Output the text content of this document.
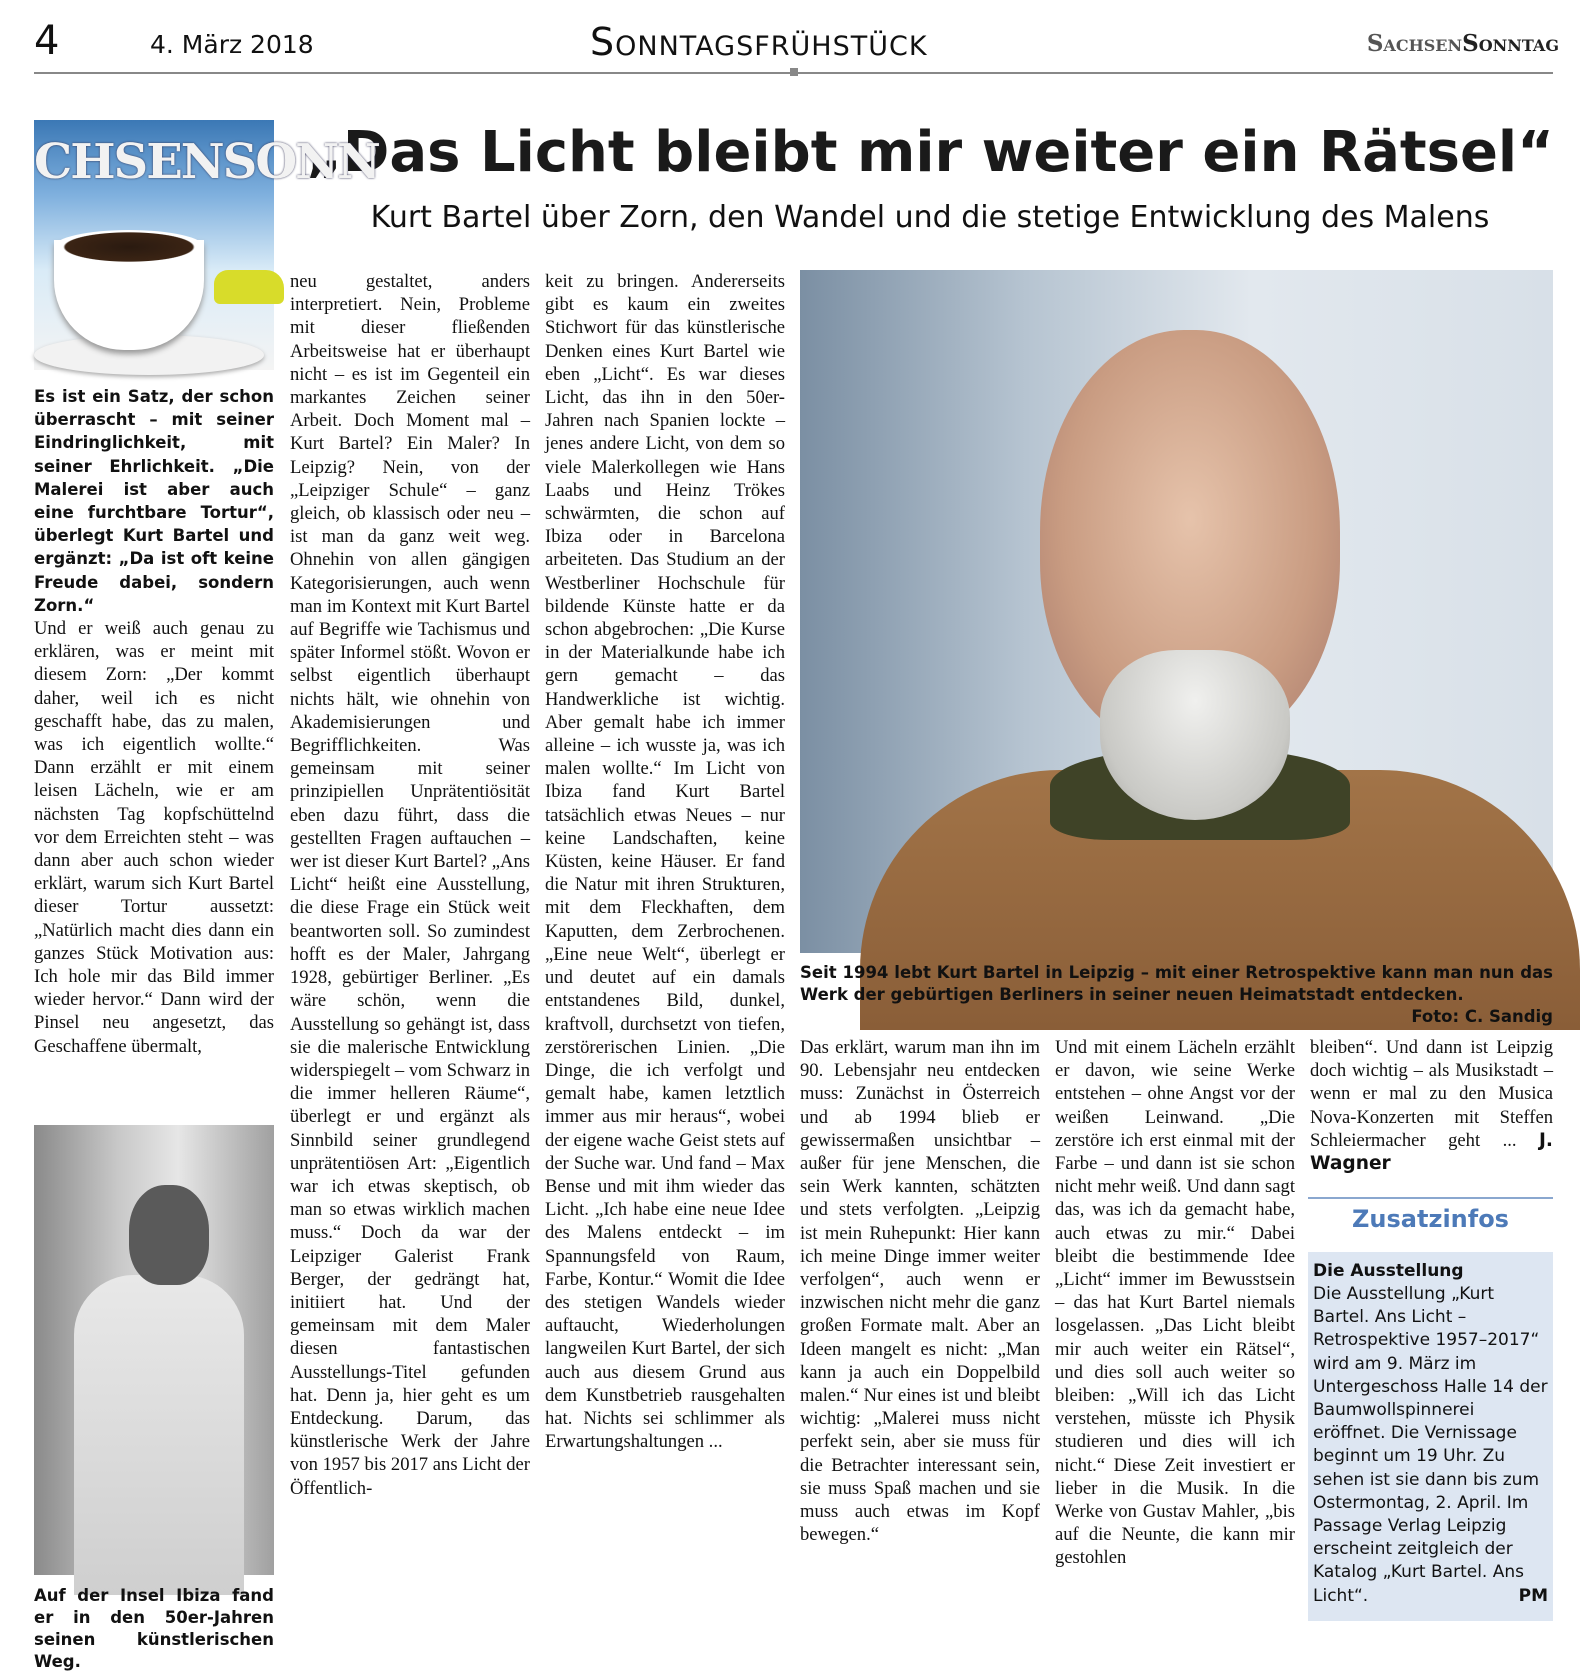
4	4. März 2018	Sonntagsfrühstück	SachsenSonntag
„Das Licht bleibt mir weiter ein Rätsel“
Kurt Bartel über Zorn, den Wandel und die stetige Entwicklung des Malens
CHSENSONN

Es ist ein Satz, der schon überrascht – mit seiner Eindringlichkeit, mit seiner Ehrlichkeit. „Die Malerei ist aber auch eine furchtbare Tortur“, überlegt Kurt Bartel und ergänzt: „Da ist oft keine Freude dabei, sondern Zorn.“

Und er weiß auch genau zu erklären, was er meint mit diesem Zorn: „Der kommt daher, weil ich es nicht geschafft habe, das zu malen, was ich eigentlich wollte.“ Dann erzählt er mit einem leisen Lächeln, wie er am nächsten Tag kopfschüttelnd vor dem Erreichten steht – was dann aber auch schon wieder erklärt, warum sich Kurt Bartel dieser Tortur aussetzt: „Natürlich macht dies dann ein ganzes Stück Motivation aus: Ich hole mir das Bild immer wieder hervor.“ Dann wird der Pinsel neu angesetzt, das Geschaffene übermalt,

Auf der Insel Ibiza fand er in den 50er-Jahren seinen künstlerischen Weg.

neu gestaltet, anders interpretiert. Nein, Probleme mit dieser fließenden Arbeitsweise hat er überhaupt nicht – es ist im Gegenteil ein markantes Zeichen seiner Arbeit. Doch Moment mal – Kurt Bartel? Ein Maler? In Leipzig? Nein, von der „Leipziger Schule“ – ganz gleich, ob klassisch oder neu – ist man da ganz weit weg. Ohnehin von allen gängigen Kategorisierungen, auch wenn man im Kontext mit Kurt Bartel auf Begriffe wie Tachismus und später Informel stößt. Wovon er selbst eigentlich überhaupt nichts hält, wie ohnehin von Akademisierungen und Begrifflichkeiten. Was gemeinsam mit seiner prinzipiellen Unprätentiösität eben dazu führt, dass die gestellten Fragen auftauchen – wer ist dieser Kurt Bartel? „Ans Licht“ heißt eine Ausstellung, die diese Frage ein Stück weit beantworten soll. So zumindest hofft es der Maler, Jahrgang 1928, gebürtiger Berliner. „Es wäre schön, wenn die Ausstellung so gehängt ist, dass sie die malerische Entwicklung widerspiegelt – vom Schwarz in die immer helleren Räume“, überlegt er und ergänzt als Sinnbild seiner grundlegend unprätentiösen Art: „Eigentlich war ich etwas skeptisch, ob man so etwas wirklich machen muss.“ Doch da war der Leipziger Galerist Frank Berger, der gedrängt hat, initiiert hat. Und der gemeinsam mit dem Maler diesen fantastischen Ausstellungs-Titel gefunden hat. Denn ja, hier geht es um Entdeckung. Darum, das künstlerische Werk der Jahre von 1957 bis 2017 ans Licht der Öffentlich-

keit zu bringen. Andererseits gibt es kaum ein zweites Stichwort für das künstlerische Denken eines Kurt Bartel wie eben „Licht“. Es war dieses Licht, das ihn in den 50er-Jahren nach Spanien lockte – jenes andere Licht, von dem so viele Malerkollegen wie Hans Laabs und Heinz Trökes schwärmten, die schon auf Ibiza oder in Barcelona arbeiteten. Das Studium an der Westberliner Hochschule für bildende Künste hatte er da schon abgebrochen: „Die Kurse in der Materialkunde habe ich gern gemacht – das Handwerkliche ist wichtig. Aber gemalt habe ich immer alleine – ich wusste ja, was ich malen wollte.“ Im Licht von Ibiza fand Kurt Bartel tatsächlich etwas Neues – nur keine Landschaften, keine Küsten, keine Häuser. Er fand die Natur mit ihren Strukturen, mit dem Fleckhaften, dem Kaputten, dem Zerbrochenen. „Eine neue Welt“, überlegt er und deutet auf ein damals entstandenes Bild, dunkel, kraftvoll, durchsetzt von tiefen, zerstörerischen Linien. „Die Dinge, die ich verfolgt und gemalt habe, kamen letztlich immer aus mir heraus“, wobei der eigene wache Geist stets auf der Suche war. Und fand – Max Bense und mit ihm wieder das Licht. „Ich habe eine neue Idee des Malens entdeckt – im Spannungsfeld von Raum, Farbe, Kontur.“ Womit die Idee des stetigen Wandels wieder auftaucht, Wiederholungen langweilen Kurt Bartel, der sich auch aus diesem Grund aus dem Kunstbetrieb rausgehalten hat. Nichts sei schlimmer als Erwartungshaltungen ...

Seit 1994 lebt Kurt Bartel in Leipzig – mit einer Retrospektive kann man nun das Werk der gebürtigen Berliners in seiner neuen Heimatstadt entdecken.
Foto: C. Sandig

Das erklärt, warum man ihn im 90. Lebensjahr neu entdecken muss: Zunächst in Österreich und ab 1994 blieb er gewissermaßen unsichtbar – außer für jene Menschen, die sein Werk kannten, schätzten und stets verfolgten. „Leipzig ist mein Ruhepunkt: Hier kann ich meine Dinge immer weiter verfolgen“, auch wenn er inzwischen nicht mehr die ganz großen Formate malt. Aber an Ideen mangelt es nicht: „Man kann ja auch ein Doppelbild malen.“ Nur eines ist und bleibt wichtig: „Malerei muss nicht perfekt sein, aber sie muss für die Betrachter interessant sein, sie muss Spaß machen und sie muss auch etwas im Kopf bewegen.“

Und mit einem Lächeln erzählt er davon, wie seine Werke entstehen – ohne Angst vor der weißen Leinwand. „Die zerstöre ich erst einmal mit der Farbe – und dann ist sie schon nicht mehr weiß. Und dann sagt das, was ich da gemacht habe, auch etwas zu mir.“ Dabei bleibt die bestimmende Idee „Licht“ immer im Bewusstsein – das hat Kurt Bartel niemals losgelassen. „Das Licht bleibt mir auch weiter ein Rätsel“, und dies soll auch weiter so bleiben: „Will ich das Licht verstehen, müsste ich Physik studieren und dies will ich nicht.“ Diese Zeit investiert er lieber in die Musik. In die Werke von Gustav Mahler, „bis auf die Neunte, die kann mir gestohlen

bleiben“. Und dann ist Leipzig doch wichtig – als Musikstadt – wenn er mal zu den Musica Nova-Konzerten mit Steffen Schleiermacher geht ... J. Wagner

Zusatzinfos
Die Ausstellung
Die Ausstellung „Kurt Bartel. Ans Licht – Retrospektive 1957–2017“ wird am 9. März im Untergeschoss Halle 14 der Baumwollspinnerei eröffnet. Die Vernissage beginnt um 19 Uhr. Zu sehen ist sie dann bis zum Ostermontag, 2. April. Im Passage Verlag Leipzig erscheint zeitgleich der Katalog „Kurt Bartel. Ans Licht“.	PM
